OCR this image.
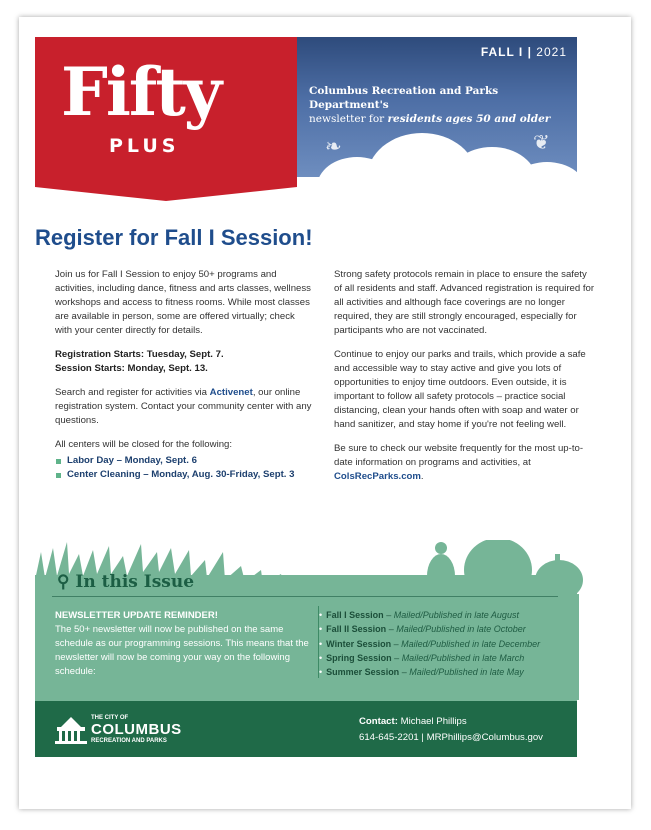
FALL I | 2021
❧	❦
✦
Columbus Recreation and Parks Department's
newsletter for residents ages 50 and older
Fifty
PLUS
Register for Fall I Session!

Join us for Fall I Session to enjoy 50+ programs and activities, including dance, fitness and arts classes, wellness workshops and access to fitness rooms. While most classes are available in person, some are offered virtually; check with your center directly for details.

Registration Starts: Tuesday, Sept. 7.
Session Starts: Monday, Sept. 13.

Search and register for activities via Activenet, our online registration system. Contact your community center with any questions.

All centers will be closed for the following:

Labor Day – Monday, Sept. 6
Center Cleaning – Monday, Aug. 30-Friday, Sept. 3

Strong safety protocols remain in place to ensure the safety of all residents and staff. Advanced registration is required for all activities and although face coverings are no longer required, they are still strongly encouraged, especially for participants who are not vaccinated.

Continue to enjoy our parks and trails, which provide a safe and accessible way to stay active and give you lots of opportunities to enjoy time outdoors. Even outside, it is important to follow all safety protocols – practice social distancing, clean your hands often with soap and water or hand sanitizer, and stay home if you're not feeling well.

Be sure to check our website frequently for the most up-to-date information on programs and activities, at ColsRecParks.com.

⚲ In this Issue
NEWSLETTER UPDATE REMINDER!
The 50+ newsletter will now be published on the same schedule as our programming sessions. This means that the newsletter will now be coming your way on the following schedule:
• Fall I Session – Mailed/Published in late August
• Fall II Session – Mailed/Published in late October
• Winter Session – Mailed/Published in late December
• Spring Session – Mailed/Published in late March
• Summer Session – Mailed/Published in late May
THE CITY OF
COLUMBUS
RECREATION AND PARKS
Contact: Michael Phillips
614-645-2201 | MRPhillips@Columbus.gov
